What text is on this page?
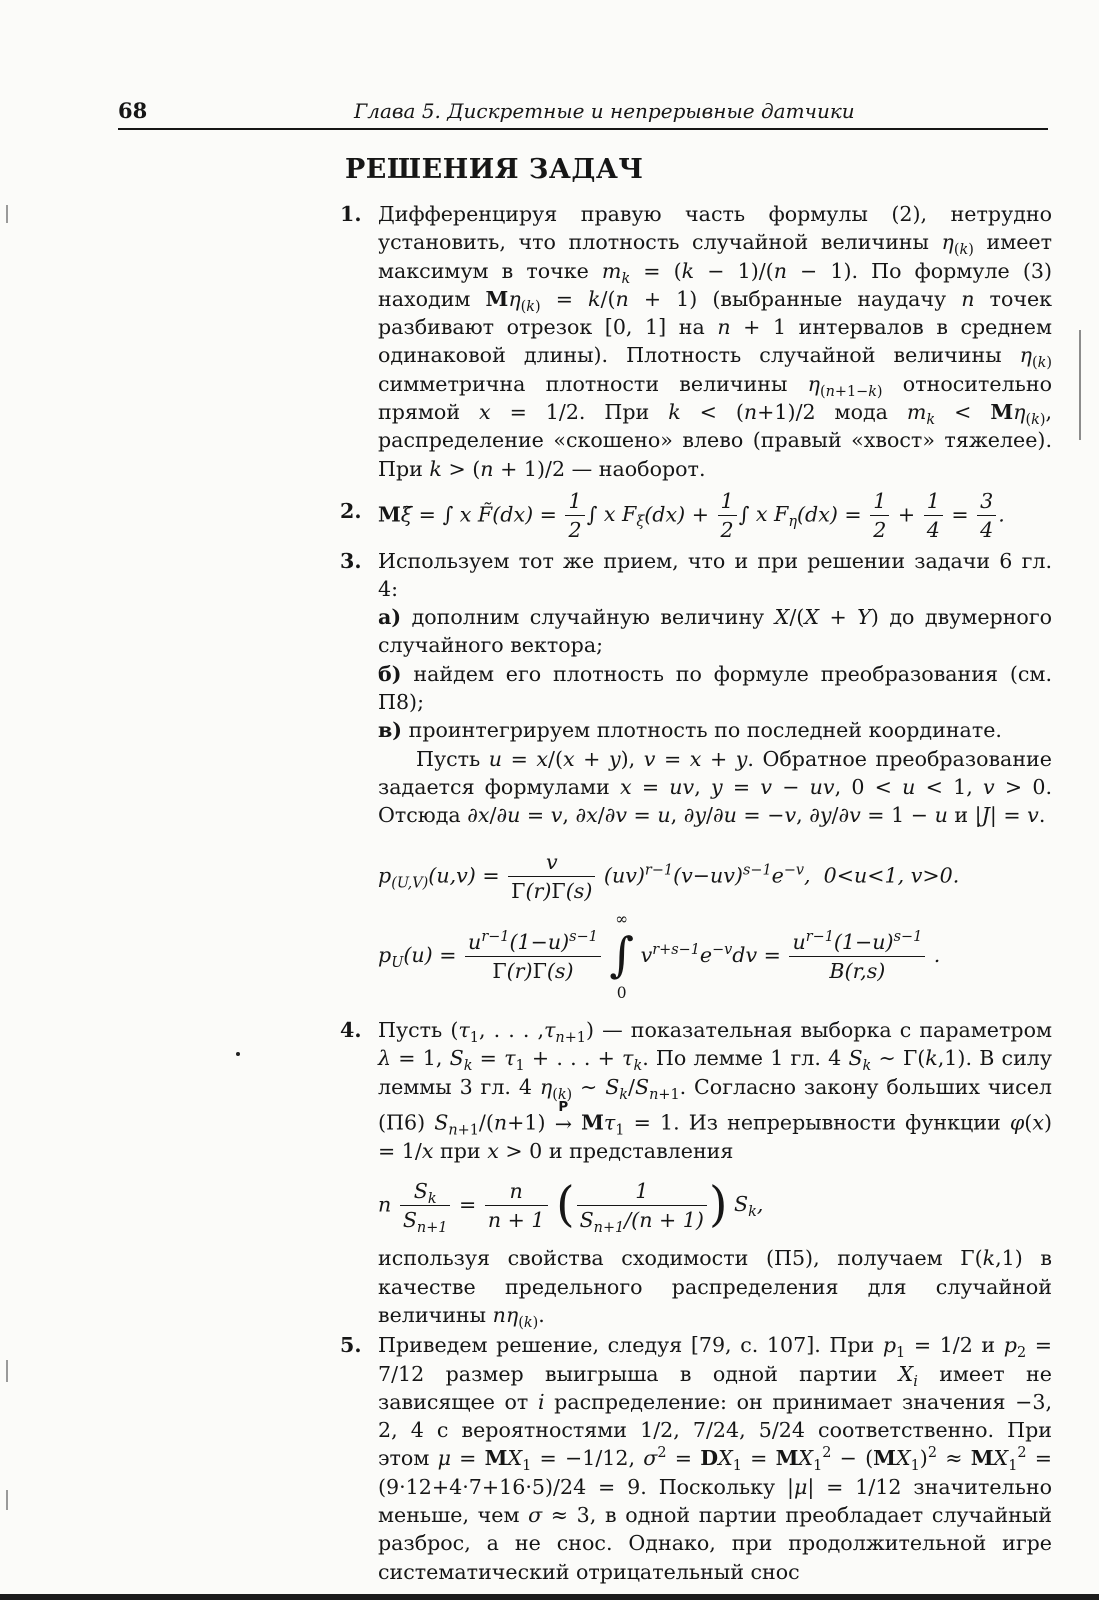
68	Глава 5. Дискретные и непрерывные датчики
РЕШЕНИЯ ЗАДАЧ
1. Дифференцируя правую часть формулы (2), нетрудно установить, что плотность случайной величины $\eta_{(k)}$ имеет максимум в точке $m_k = (k - 1)/(n - 1)$. По формуле (3) находим $M\eta_{(k)} = k/(n + 1)$ (выбранные наудачу n точек разбивают отрезок [0, 1] на n + 1 интервалов в среднем одинаковой длины). Плотность случайной величины $\eta_{(k)}$ симметрична плотности величины $\eta_{(n+1-k)}$ относительно прямой x = 1/2. При k < (n+1)/2 мода $m_k < M\eta_{(k)}$, распределение «скошено» влево (правый «хвост» тяжелее). При k > (n + 1)/2 — наоборот.

2. Mξ̃ = ∫ x F̃(dx) = $\frac{1}{2}$ ∫ x $F_\xi(dx) + \frac{1}{2}$ ∫ x $F_\eta(dx) = \frac{1}{2} + \frac{1}{4} = \frac{3}{4}$ .

3. Используем тот же прием, что и при решении задачи 6 гл. 4:

а) дополним случайную величину X/(X + Y) до двумерного случайного вектора;

б) найдем его плотность по формуле преобразования (см. П8);

в) проинтегрируем плотность по последней координате.

Пусть u = x/(x + y), v = x + y. Обратное преобразование задается формулами x = uv, y = v − uv, 0 < u < 1, v > 0. Отсюда ∂x/∂u = v, ∂x/∂v = u, ∂y/∂u = −v, ∂y/∂v = 1 − u и |J| = v.

$p_{(U,V)}(u,v) = \frac{v}{\Gamma(r)\Gamma(s)} (uv)^{r-1}(v-uv)^{s-1}e^{-v}$,  0<u<1, v>0.
$p_U(u) = \frac{u^{r-1}(1-u)^{s-1}}{\Gamma(r)\Gamma(s)}$

∞
∫
0
$v^{r+s-1}e^{-v}dv = \frac{u^{r-1}(1-u)^{s-1}}{B(r,s)}$ .
4. Пусть ($\tau_1$, . . . $,\tau_{n+1}$) — показательная выборка с параметром λ = 1, $S_k = \tau_1$ + . . . + $\tau_k$. По лемме 1 гл. 4 $S_k$ ∼ Γ(k,1). В силу леммы 3 гл. 4 $\eta_{(k)}$ ∼ $S_k/S_{n+1}$. Согласно закону больших чисел (П6) $S_{n+1}/(n+1)$
P
→ $M\tau_1 = 1$. Из непрерывности функции φ(x) = 1/x при x > 0 и представления

n $\frac{S_k}{S_{n+1}} = \frac{n}{n + 1}$ ( $\frac{1}{S_{n+1}/(n + 1)}$ ) $S_k$,

используя свойства сходимости (П5), получаем Γ(k,1) в качестве предельного распределения для случайной величины $n\eta_{(k)}$.

5. Приведем решение, следуя [79, с. 107]. При $p_1 = 1/2$ и $p_2 = 7/12$ размер выигрыша в одной партии $X_i$ имеет не зависящее от i распределение: он принимает значения −3, 2, 4 с вероятностями 1/2, 7/24, 5/24 соответственно. При этом $\mu = MX_1 = -1/12$, $\sigma^2 = DX_1 = MX_1^2 - (MX_1)^2 \approx MX_1^2 = (9\cdot 12+4\cdot 7+16\cdot 5)/24 = 9$. Поскольку |μ| = 1/12 значительно меньше, чем σ ≈ 3, в одной партии преобладает случайный разброс, а не снос. Однако, при продолжительной игре систематический отрицательный снос
